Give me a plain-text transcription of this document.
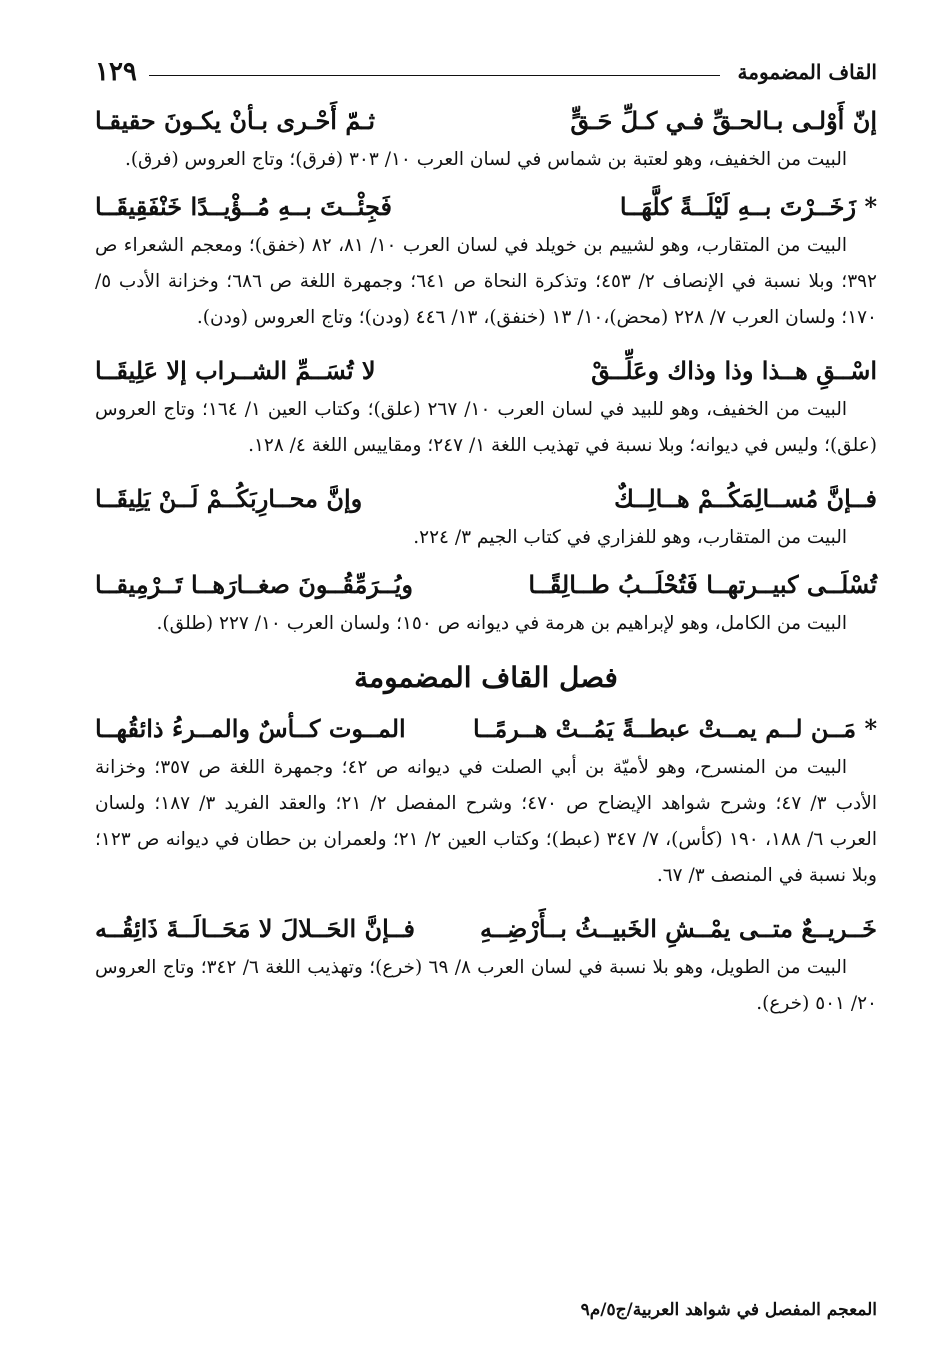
القاف المضمومة
١٢٩
إنّ أَوْلـى بـالحـقِّ فـي كـلِّ حَـقٍّ
ثـمّ أَحْـرى بـأنْ يكـونَ حقيقـا

البيت من الخفيف، وهو لعتبة بن شماس في لسان العرب ١٠/ ٣٠٣ (فرق)؛ وتاج العروس (فرق).

* زَخَــرْتَ بــهِ لَيْلَــةً كلَّهَــا
فَجِئْــتَ بــهِ مُــؤْيــدًا خَنْفَقِيقَــا

البيت من المتقارب، وهو لشييم بن خويلد في لسان العرب ١٠/ ٨١، ٨٢ (خفق)؛ ومعجم الشعراء ص ٣٩٢؛ وبلا نسبة في الإنصاف ٢/ ٤٥٣؛ وتذكرة النحاة ص ٦٤١؛ وجمهرة اللغة ص ٦٨٦؛ وخزانة الأدب ٥/ ١٧٠؛ ولسان العرب ٧/ ٢٢٨ (محض)،١٠/ ١٣ (خنفق)، ١٣/ ٤٤٦ (ودن)؛ وتاج العروس (ودن).

اسْــقِ هــذا وذا وذاك وعَلِّــقْ
لا تُسَــمِّ الشــراب إلا عَلِيقَــا

البيت من الخفيف، وهو للبيد في لسان العرب ١٠/ ٢٦٧ (علق)؛ وكتاب العين ١/ ١٦٤؛ وتاج العروس (علق)؛ وليس في ديوانه؛ وبلا نسبة في تهذيب اللغة ١/ ٢٤٧؛ ومقاييس اللغة ٤/ ١٢٨.

فــإنَّ مُســالِمَكُــمْ هــالِــكٌ
وإنَّ محــارِبَكُــمْ لَــنْ يَلِيقَــا

البيت من المتقارب، وهو للفزاري في كتاب الجيم ٣/ ٢٢٤.

تُسْلَــى كبيــرتهــا فَتُحْلَــبُ طــالِقًــا
ويُــرَمِّقُــونَ صغــارَهــا تَــرْمِيقــا

البيت من الكامل، وهو لإبراهيم بن هرمة في ديوانه ص ١٥٠؛ ولسان العرب ١٠/ ٢٢٧ (طلق).

فصل القاف المضمومة
* مَــن لــم يمــتْ عبطــةً يَمُــتْ هــرمًــا
المــوت كــأسٌ والمــرءُ ذائقُهــا

البيت من المنسرح، وهو لأميّة بن أبي الصلت في ديوانه ص ٤٢؛ وجمهرة اللغة ص ٣٥٧؛ وخزانة الأدب ٣/ ٤٧؛ وشرح شواهد الإيضاح ص ٤٧٠؛ وشرح المفصل ٢/ ٢١؛ والعقد الفريد ٣/ ١٨٧؛ ولسان العرب ٦/ ١٨٨، ١٩٠ (كأس)، ٧/ ٣٤٧ (عبط)؛ وكتاب العين ٢/ ٢١؛ ولعمران بن حطان في ديوانه ص ١٢٣؛ وبلا نسبة في المنصف ٣/ ٦٧.

خَــريــعٌ متــى يمْــشِ الخَبيــثُ بــأَرْضِــهِ
فــإنَّ الحَــلالَ لا مَحَــالَــةَ ذَائِقُــه

البيت من الطويل، وهو بلا نسبة في لسان العرب ٨/ ٦٩ (خرع)؛ وتهذيب اللغة ٦/ ٣٤٢؛ وتاج العروس ٢٠/ ٥٠١ (خرع).

المعجم المفصل في شواهد العربية/ج٥/م٩
